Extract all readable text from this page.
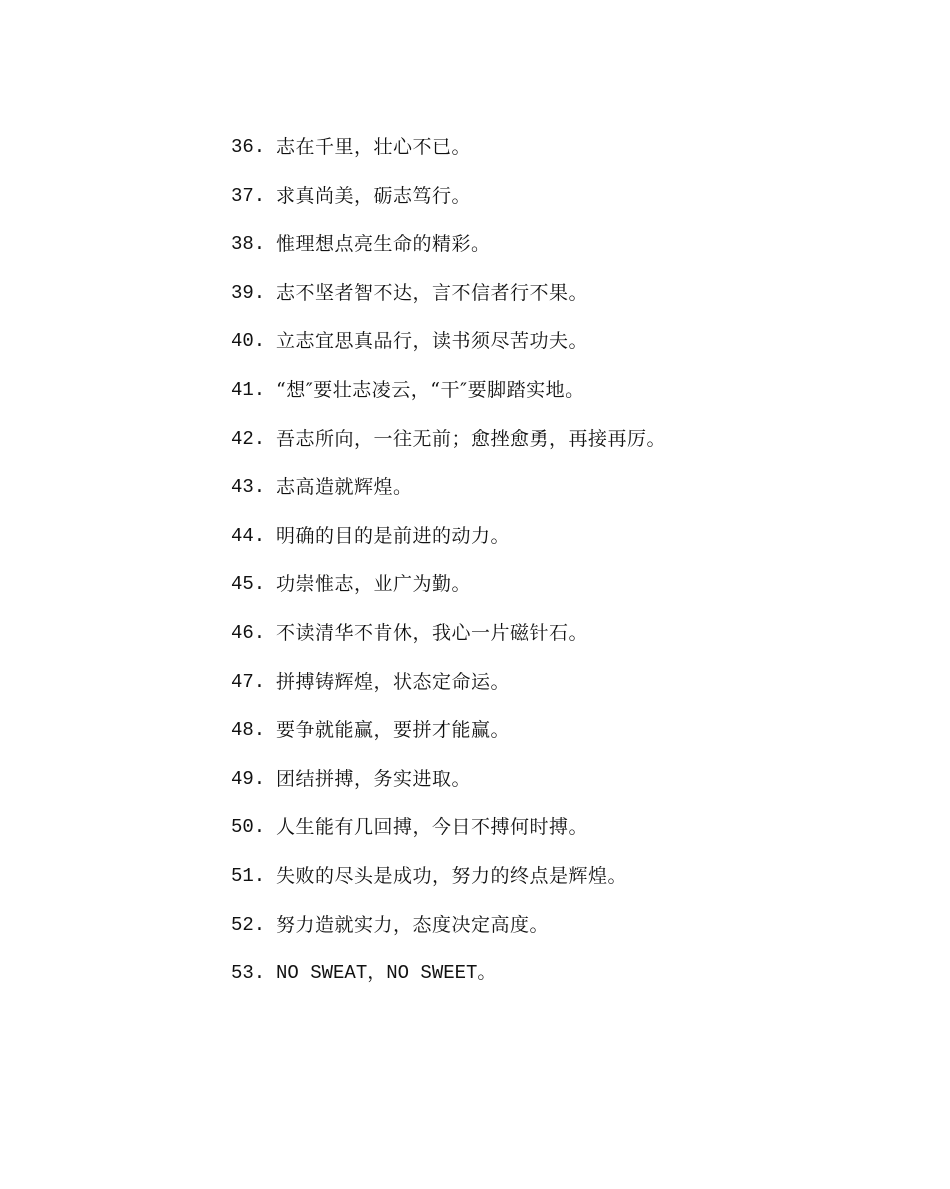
36. 志在千里，壮心不已。
37. 求真尚美，砺志笃行。
38. 惟理想点亮生命的精彩。
39. 志不坚者智不达，言不信者行不果。
40. 立志宜思真品行，读书须尽苦功夫。
41. “想″要壮志凌云，“干″要脚踏实地。
42. 吾志所向，一往无前；愈挫愈勇，再接再厉。
43. 志高造就辉煌。
44. 明确的目的是前进的动力。
45. 功崇惟志，业广为勤。
46. 不读清华不肯休，我心一片磁针石。
47. 拼搏铸辉煌，状态定命运。
48. 要争就能赢，要拼才能赢。
49. 团结拼搏，务实进取。
50. 人生能有几回搏，今日不搏何时搏。
51. 失败的尽头是成功，努力的终点是辉煌。
52. 努力造就实力，态度决定高度。
53. NO SWEAT，NO SWEET。
